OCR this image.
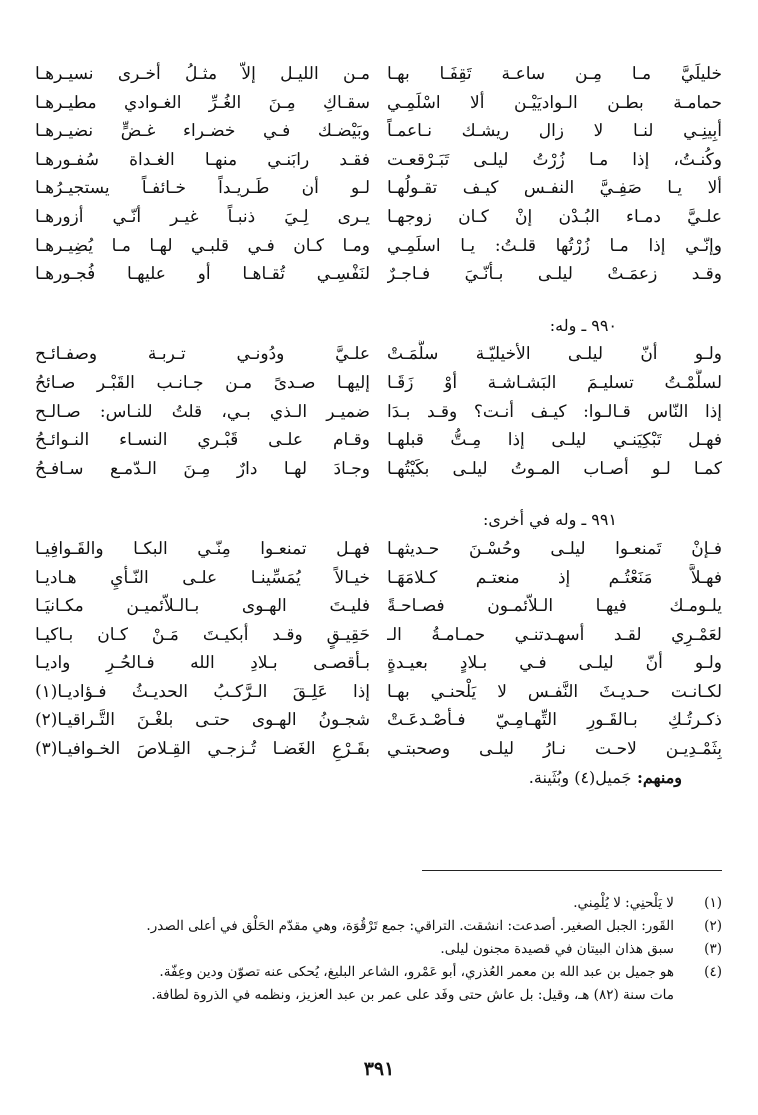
خليلَيَّ مـا مِـن ساعـة تَقِفَـا بهـا
حمامـة بطـن الـواديَيْـن ألا اسْلَمِـي
أبِينِـي لنـا لا زال ريشـك نـاعمـاً
وكُنـتُ، إذا مـا زُرْتُ ليلـى تَبَـرْقعـت
ألا يـا صَفِـيَّ النفـس كيـف تقـولُهـا
علـيَّ دمـاء البُـدْن إنْ كـان زوجهـا
وإنّـي إذا مـا زُرْتُها قلـتُ: يـا اسلَمِـي
وقـد زعمَـتْ ليلـى بـأنّـيَ فـاجـرٌ
٩٩٠ ـ وله:
ولـو أنّ ليلـى الأخيليّـة سلَّمَـتْ
لسلَّمْـتُ تسليـمَ البَشـاشـة أوْ زَقَـا
إذا النّاس قـالـوا: كيـف أنـت؟ وقـد بـدَا
فهـل تَبْكِيَنـي ليلـى إذا مِـتُّ قبلهـا
كمـا لـو أصـاب المـوتُ ليلـى بكَيْتُهـا
٩٩١ ـ وله في أخرى:
فـإنْ تَمنعـوا ليلـى وحُسْـنَ حـديثهـا
فهـلاَّ مَنَعْتُـم إذ منعتـم كـلامَهَـا
يلـومـك فيهـا الـلاّئمـون فصـاحـةً
لعَمْـرِي لقـد أسهـدتنـي حمـامـةُ الـ
ولـو أنّ ليلـى فـي بـلادٍ بعيـدةٍ
لكـانـت حـديـثَ النَّفـس لا يَلْحنـي بهـا
ذكـرتُـكِ بـالقَـورِ التِّهـامِـيّ فـأصْـدعَـتْ
بِثَمْـدِيـن لاحـت نـارُ ليلـى وصحبتـي
ومنهم: جَميل(٤) وبُثَينة.
مـن الليـل إلاّ مثـلُ أخـرى نسيـرهـا
سقـاكِ مِـنَ الغُـرِّ الغـوادي مطيـرهـا
وبَيْضـك فـي خضـراء غـضٍّ نضيـرهـا
فقـد رابَنـي منهـا الغـداة سُفـورهـا
لـو أن طَـريـداً خـائفـاً يستجيـرُهـا
يـرى لِـيَ ذنبـاً غيـر أنّـي أزورهـا
ومـا كـان فـي قلبـي لهـا مـا يُضِيـرهـا
لنَفْسِـي تُقـاهـا أو عليهـا فُجـورهـا
علـيَّ ودُونـي تـربـة وصفـائـح
إليهـا صـدىً مـن جـانـب القَبْـر صـائحُ
ضميـر الـذي بـي، قلتُ للنـاس: صـالـح
وقـام علـى قَبْـري النسـاء النـوائـحُ
وجـادَ لهـا دارٌ مِـنَ الـدّمـع سـافـحُ
فهـل تمنعـوا مِنّـي البكـا والقَـوافِيـا
خيـالاً يُمَسِّينـا علـى النّـأْيِ هـاديـا
فليـتَ الهـوى بـالـلاّئميـن مكـانيَـا
حَقِيـقٍ وقـد أبكيـتَ مَـنْ كـان بـاكيـا
بـأقصـى بـلادِ الله فـالحُـرِ واديـا
إذا عَلِـقَ الـرَّكـبُ الحديـثُ فـؤاديـا(١)
شجـونُ الهـوى حتـى بلغْـنَ التَّـراقيـا(٢)
بقَـرْعِ الغَضـا تُـزجـي القِـلاصَ الخـوافيـا(٣)
(١)
لا يَلْحنِي: لا يُلْمِني.
(٢)
القَور: الجبل الصغير. أصدعت: انشقت. التراقي: جمع تَرْقُوَة، وهي مقدّم الحَلْق في أعلى الصدر.
(٣)
سبق هذان البيتان في قصيدة مجنون ليلى.
(٤)
هو جميل بن عبد الله بن معمر العُذري، أبو عَمْرو، الشاعر البليغ، يُحكى عنه تصوّن ودين وعِفّة.
مات سنة (٨٢) هـ، وقيل: بل عاش حتى وفَد على عمر بن عبد العزيز، ونظمه في الذروة لطافة.
٣٩١
